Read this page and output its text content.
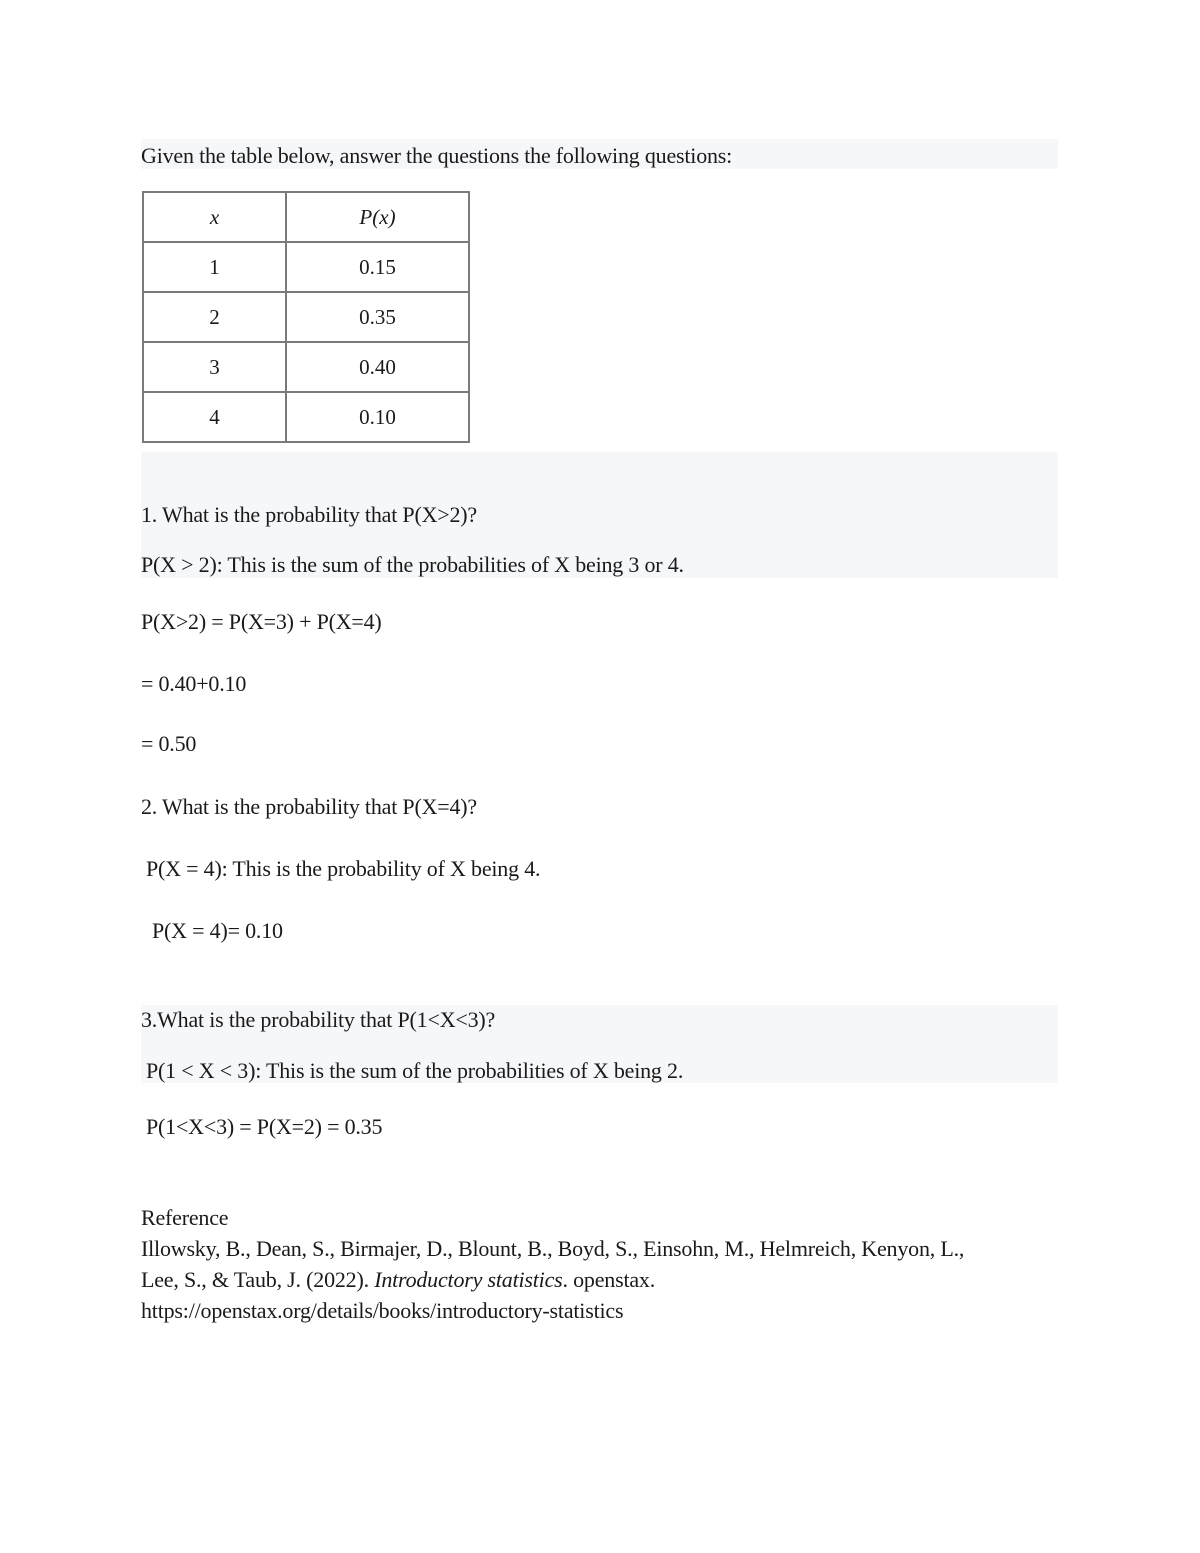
Given the table below, answer the questions the following questions:
x	P(x)
1	0.15
2	0.35
3	0.40
4	0.10
1. What is the probability that P(X>2)?
P(X > 2): This is the sum of the probabilities of X being 3 or 4.
P(X>2) = P(X=3) + P(X=4)
= 0.40+0.10
= 0.50
2. What is the probability that P(X=4)?
P(X = 4): This is the probability of X being 4.
P(X = 4)= 0.10
3.What is the probability that P(1<X<3)?
P(1 < X < 3): This is the sum of the probabilities of X being 2.
P(1<X<3) = P(X=2) = 0.35
Reference
Illowsky, B., Dean, S., Birmajer, D., Blount, B., Boyd, S., Einsohn, M., Helmreich, Kenyon, L.,
Lee, S., & Taub, J. (2022). Introductory statistics. openstax.
https://openstax.org/details/books/introductory-statistics
